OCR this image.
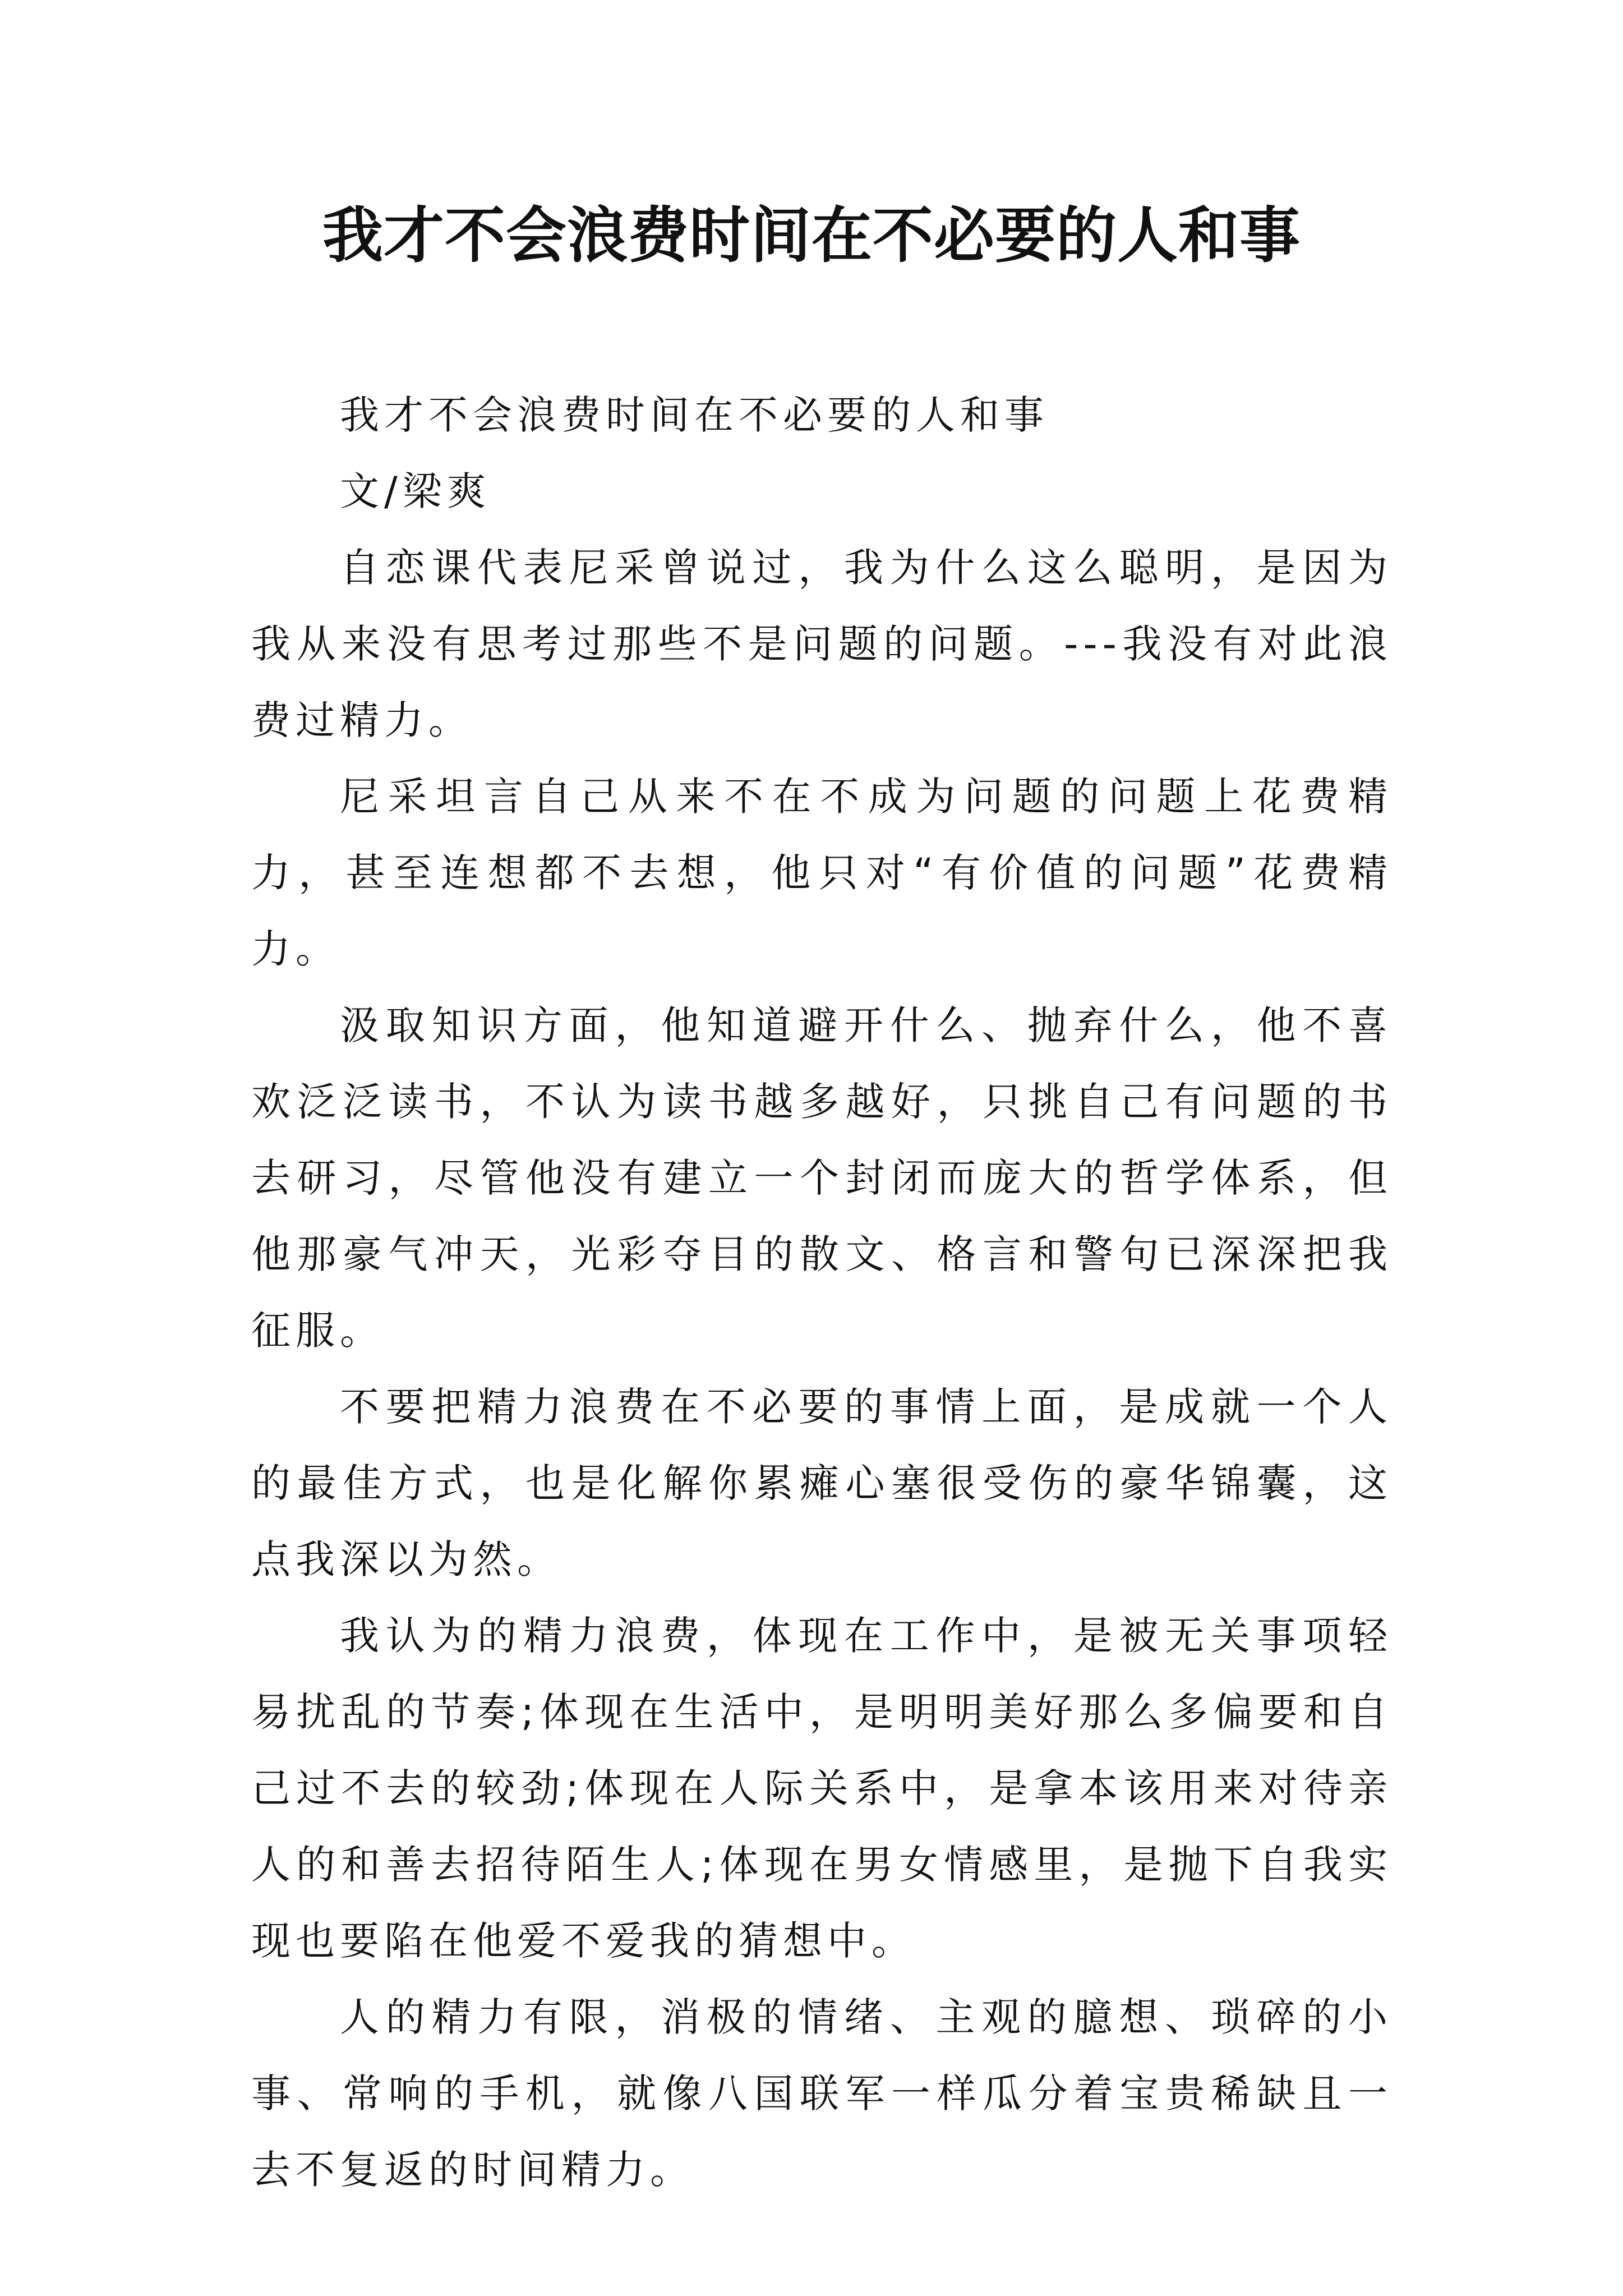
我才不会浪费时间在不必要的人和事

我才不会浪费时间在不必要的人和事

文/梁爽

自恋课代表尼采曾说过，我为什么这么聪明，是因为我从来没有思考过那些不是问题的问题。---我没有对此浪费过精力。

尼采坦言自己从来不在不成为问题的问题上花费精力，甚至连想都不去想，他只对“有价值的问题”花费精力。

汲取知识方面，他知道避开什么、抛弃什么，他不喜欢泛泛读书，不认为读书越多越好，只挑自己有问题的书去研习，尽管他没有建立一个封闭而庞大的哲学体系，但他那豪气冲天，光彩夺目的散文、格言和警句已深深把我征服。

不要把精力浪费在不必要的事情上面，是成就一个人的最佳方式，也是化解你累瘫心塞很受伤的豪华锦囊，这点我深以为然。

我认为的精力浪费，体现在工作中，是被无关事项轻易扰乱的节奏;体现在生活中，是明明美好那么多偏要和自己过不去的较劲;体现在人际关系中，是拿本该用来对待亲人的和善去招待陌生人;体现在男女情感里，是抛下自我实现也要陷在他爱不爱我的猜想中。

人的精力有限，消极的情绪、主观的臆想、琐碎的小事、常响的手机，就像八国联军一样瓜分着宝贵稀缺且一去不复返的时间精力。
